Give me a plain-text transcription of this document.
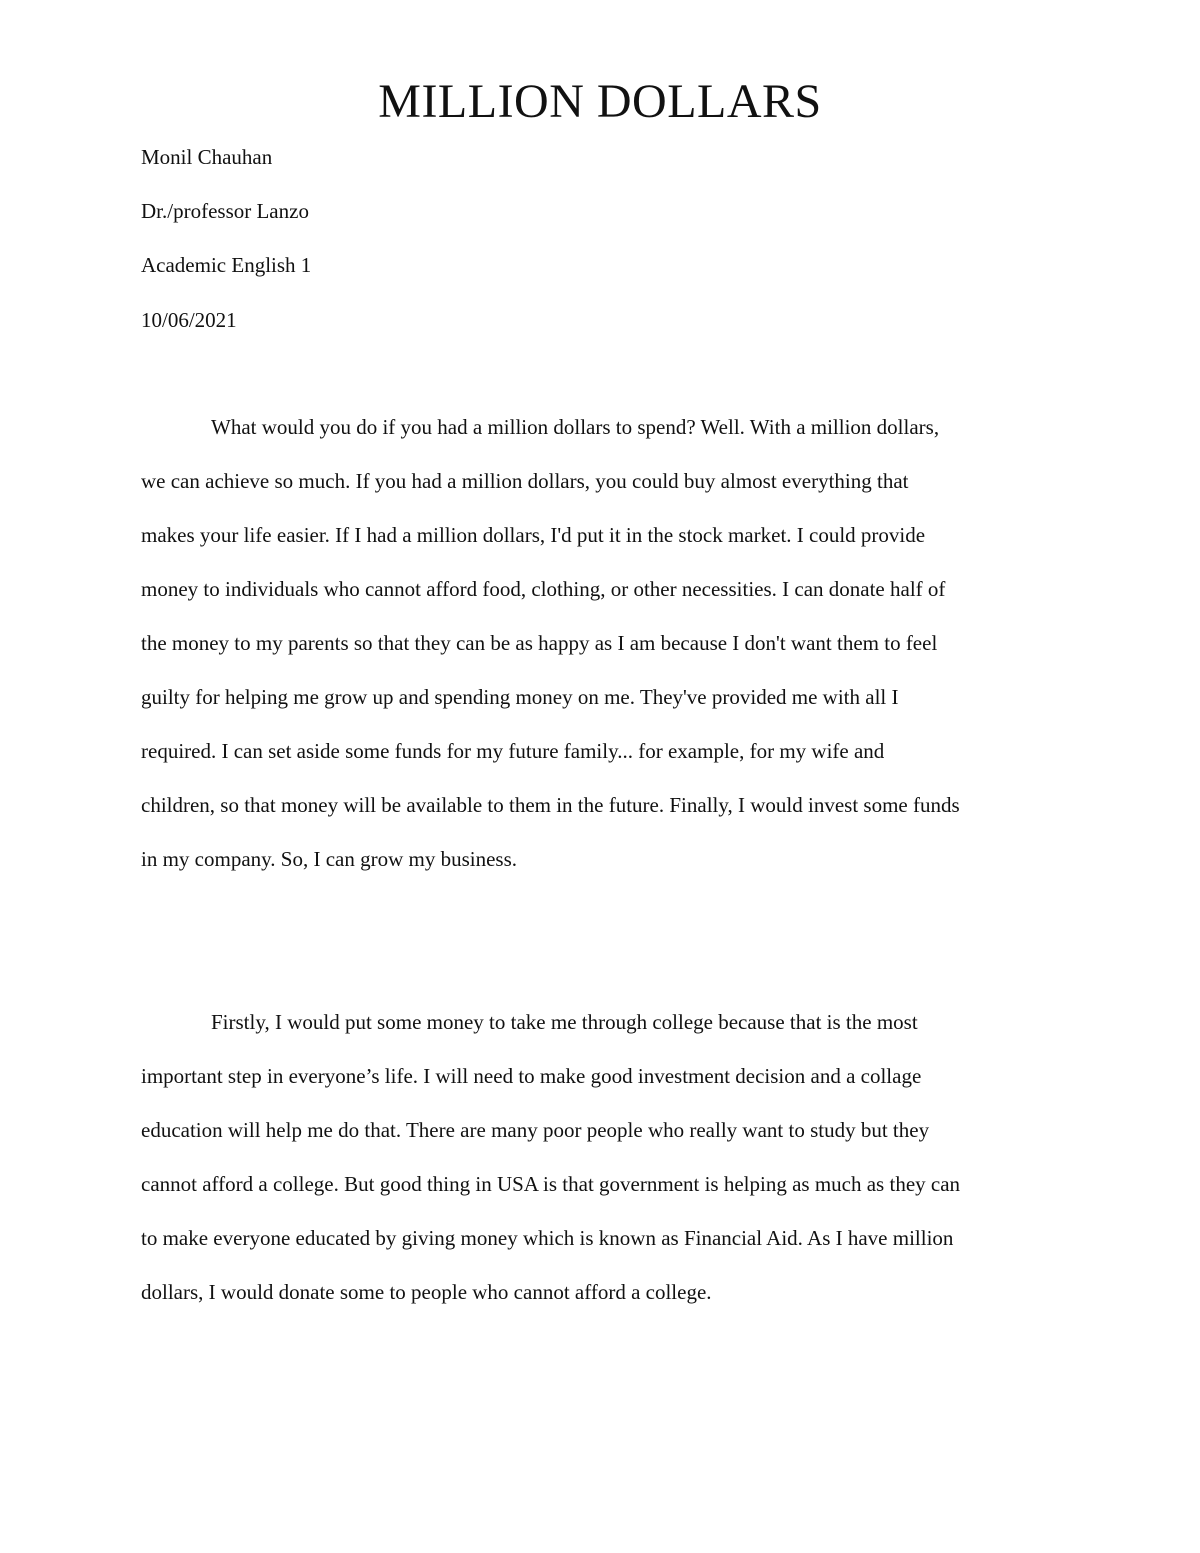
MILLION DOLLARS
Monil Chauhan
Dr./professor Lanzo
Academic English 1
10/06/2021
What would you do if you had a million dollars to spend? Well. With a million dollars,
we can achieve so much. If you had a million dollars, you could buy almost everything that
makes your life easier. If I had a million dollars, I'd put it in the stock market. I could provide
money to individuals who cannot afford food, clothing, or other necessities. I can donate half of
the money to my parents so that they can be as happy as I am because I don't want them to feel
guilty for helping me grow up and spending money on me. They've provided me with all I
required. I can set aside some funds for my future family... for example, for my wife and
children, so that money will be available to them in the future. Finally, I would invest some funds
in my company. So, I can grow my business.
Firstly, I would put some money to take me through college because that is the most
important step in everyone’s life. I will need to make good investment decision and a collage
education will help me do that. There are many poor people who really want to study but they
cannot afford a college. But good thing in USA is that government is helping as much as they can
to make everyone educated by giving money which is known as Financial Aid. As I have million
dollars, I would donate some to people who cannot afford a college.
